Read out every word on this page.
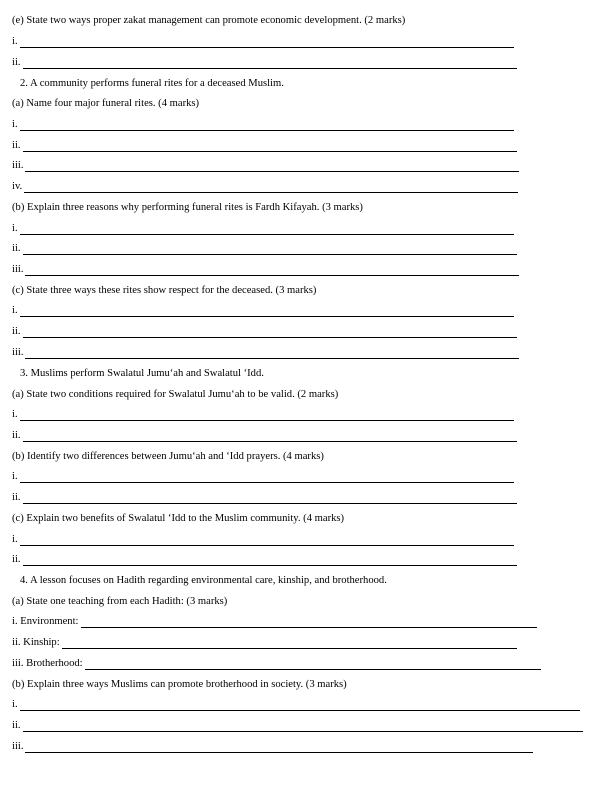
(e) State two ways proper zakat management can promote economic development. (2 marks)
i.
ii.
2. A community performs funeral rites for a deceased Muslim.
(a) Name four major funeral rites. (4 marks)
i.
ii.
iii.
iv.
(b) Explain three reasons why performing funeral rites is Fardh Kifayah. (3 marks)
i.
ii.
iii.
(c) State three ways these rites show respect for the deceased. (3 marks)
i.
ii.
iii.
3. Muslims perform Swalatul Jumu‘ah and Swalatul ‘Idd.
(a) State two conditions required for Swalatul Jumu‘ah to be valid. (2 marks)
i.
ii.
(b) Identify two differences between Jumu‘ah and ‘Idd prayers. (4 marks)
i.
ii.
(c) Explain two benefits of Swalatul ‘Idd to the Muslim community. (4 marks)
i.
ii.
4. A lesson focuses on Hadith regarding environmental care, kinship, and brotherhood.
(a) State one teaching from each Hadith: (3 marks)
i. Environment:
ii. Kinship:
iii. Brotherhood:
(b) Explain three ways Muslims can promote brotherhood in society. (3 marks)
i.
ii.
iii.
